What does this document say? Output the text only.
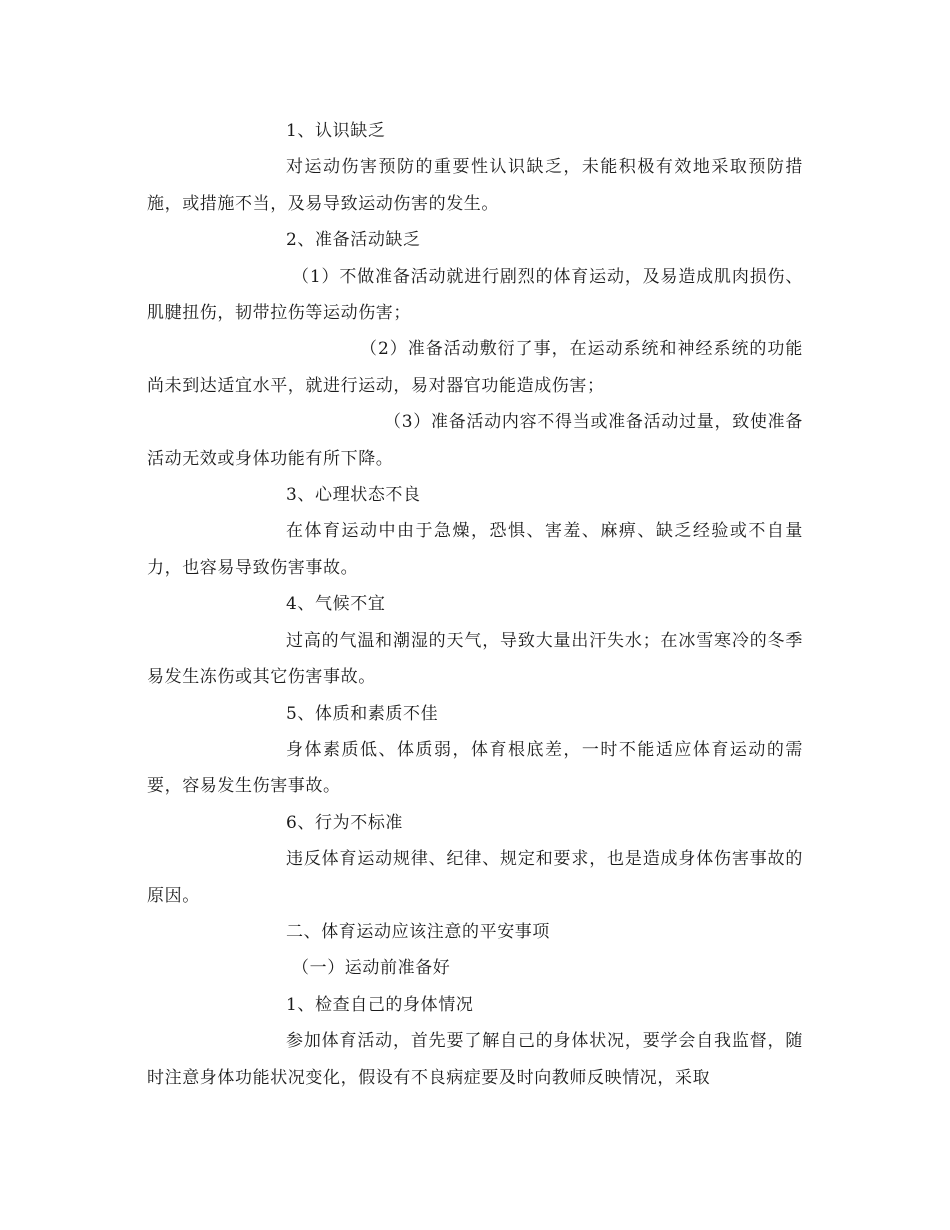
1、认识缺乏
对运动伤害预防的重要性认识缺乏，未能积极有效地采取预防措施，或措施不当，及易导致运动伤害的发生。
2、准备活动缺乏
（1）不做准备活动就进行剧烈的体育运动，及易造成肌肉损伤、肌腱扭伤，韧带拉伤等运动伤害；
（2）准备活动敷衍了事，在运动系统和神经系统的功能尚未到达适宜水平，就进行运动，易对器官功能造成伤害；
（3）准备活动内容不得当或准备活动过量，致使准备活动无效或身体功能有所下降。
3、心理状态不良
在体育运动中由于急燥，恐惧、害羞、麻痹、缺乏经验或不自量力，也容易导致伤害事故。
4、气候不宜
过高的气温和潮湿的天气，导致大量出汗失水；在冰雪寒冷的冬季易发生冻伤或其它伤害事故。
5、体质和素质不佳
身体素质低、体质弱，体育根底差，一时不能适应体育运动的需要，容易发生伤害事故。
6、行为不标准
违反体育运动规律、纪律、规定和要求，也是造成身体伤害事故的原因。
二、体育运动应该注意的平安事项
（一）运动前准备好
1、检查自己的身体情况
参加体育活动，首先要了解自己的身体状况，要学会自我监督，随时注意身体功能状况变化，假设有不良病症要及时向教师反映情况，采取
